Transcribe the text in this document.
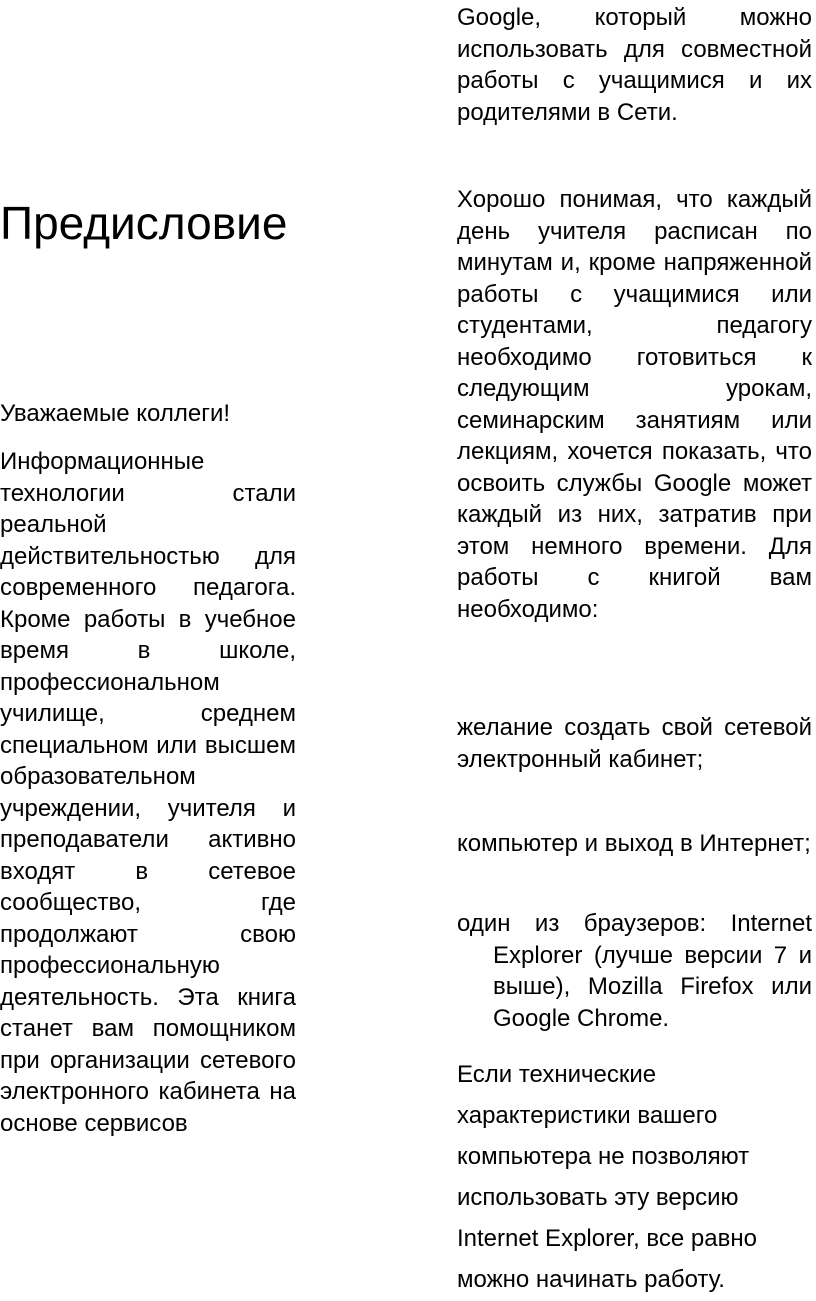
Предисловие

Уважаемые коллеги!

Информационные технологии стали реальной действительностью для современного педагога. Кроме работы в учебное время в школе, профессиональном училище, среднем специальном или высшем образовательном учреждении, учителя и преподаватели активно входят в сетевое сообщество, где продолжают свою профессиональную деятельность. Эта книга станет вам помощником при организации сетевого электронного кабинета на основе сервисов

Google, который можно использовать для совместной работы с учащимися и их родителями в Сети.

Хорошо понимая, что каждый день учителя расписан по минутам и, кроме напряженной работы с учащимися или студентами, педагогу необходимо готовиться к следующим урокам, семинарским занятиям или лекциям, хочется показать, что освоить службы Google может каждый из них, затратив при этом немного времени. Для работы с книгой вам необходимо:

желание создать свой сетевой электронный кабинет;

компьютер и выход в Интернет;

один из браузеров: Internet Explorer (лучше версии 7 и выше), Mozilla Firefox или Google Chrome.

Если технические характеристики вашего компьютера не позволяют использовать эту версию Internet Explorer, все равно можно начинать работу.
